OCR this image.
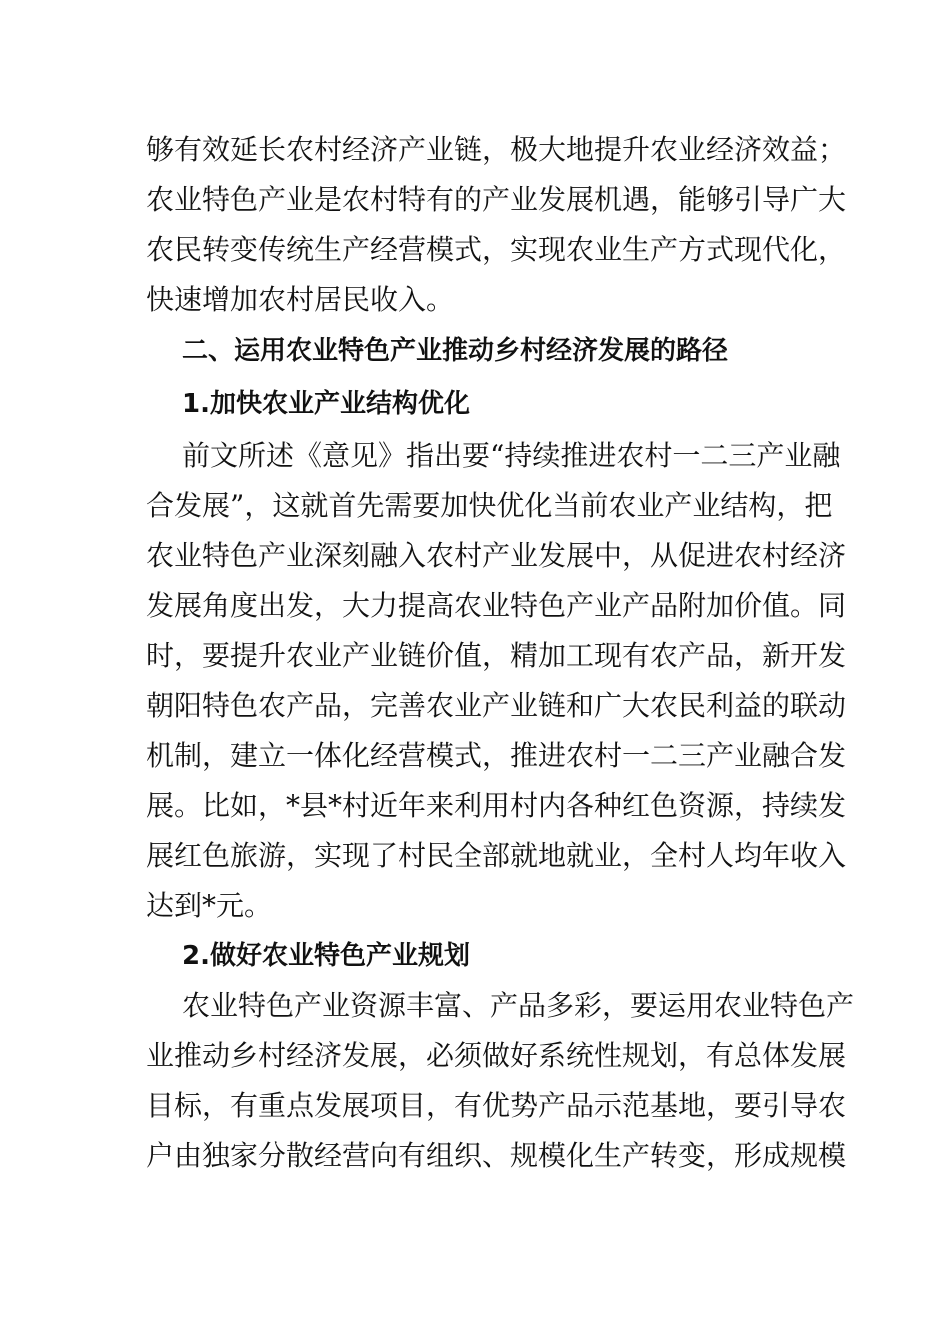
够有效延长农村经济产业链，极大地提升农业经济效益；
农业特色产业是农村特有的产业发展机遇，能够引导广大
农民转变传统生产经营模式，实现农业生产方式现代化，
快速增加农村居民收入。
二、运用农业特色产业推动乡村经济发展的路径
1.加快农业产业结构优化
前文所述《意见》指出要“持续推进农村一二三产业融
合发展”，这就首先需要加快优化当前农业产业结构，把
农业特色产业深刻融入农村产业发展中，从促进农村经济
发展角度出发，大力提高农业特色产业产品附加价值。同
时，要提升农业产业链价值，精加工现有农产品，新开发
朝阳特色农产品，完善农业产业链和广大农民利益的联动
机制，建立一体化经营模式，推进农村一二三产业融合发
展。比如，*县*村近年来利用村内各种红色资源，持续发
展红色旅游，实现了村民全部就地就业，全村人均年收入
达到*元。
2.做好农业特色产业规划
农业特色产业资源丰富、产品多彩，要运用农业特色产
业推动乡村经济发展，必须做好系统性规划，有总体发展
目标，有重点发展项目，有优势产品示范基地，要引导农
户由独家分散经营向有组织、规模化生产转变，形成规模
